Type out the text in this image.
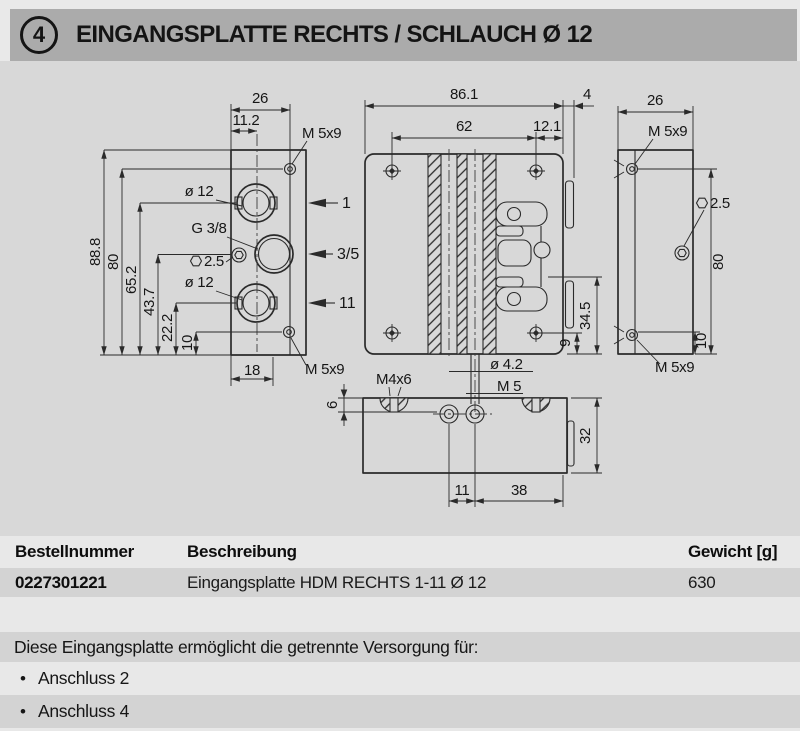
4 EINGANGSPLATTE RECHTS / SCHLAUCH Ø 12
88.8 80
65.2
43.7
22.2
10
26
11.2
M 5x9
18	M 5x9
ø 12
G 3/8
2.5
ø 12
1
3/5
11
86.1	4
62	12.1
34.5
9
ø 4.2
M 5
M4x6
6
32
11	38
26
M 5x9
2.5
80
10
M 5x9
Bestellnummer	Beschreibung	Gewicht [g]
0227301221	Eingangsplatte HDM RECHTS 1-11 Ø 12	630
Diese Eingangsplatte ermöglicht die getrennte Versorgung für:
• Anschluss 2
• Anschluss 4
